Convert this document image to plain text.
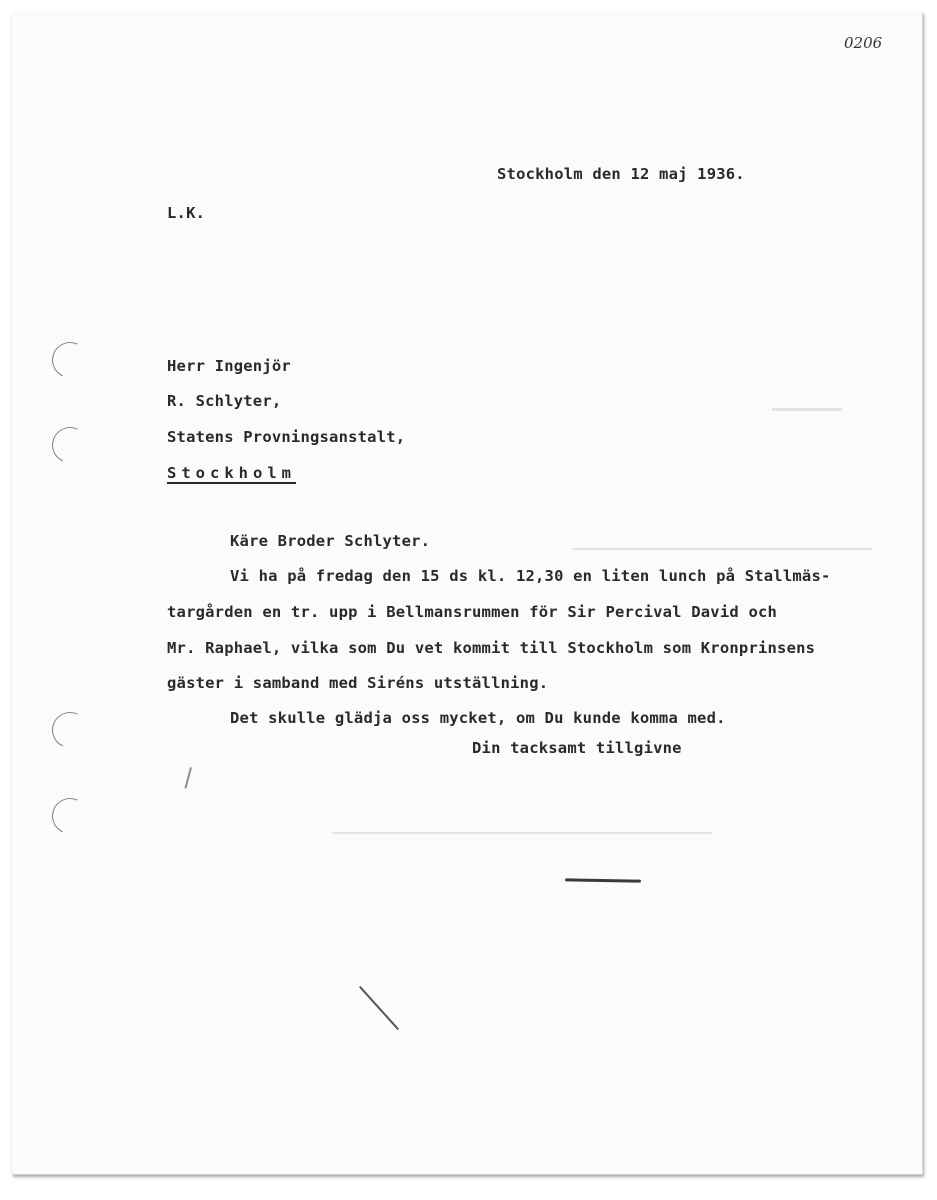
0206

Stockholm den 12 maj 1936.

L.K.

Herr Ingenjör

R. Schlyter,

Statens Provningsanstalt,

Stockholm

Käre Broder Schlyter.

Vi ha på fredag den 15 ds kl. 12,30 en liten lunch på Stallmäs-

targården en tr. upp i Bellmansrummen för Sir Percival David och

Mr. Raphael, vilka som Du vet kommit till Stockholm som Kronprinsens

gäster i samband med Siréns utställning.

Det skulle glädja oss mycket, om Du kunde komma med.

Din tacksamt tillgivne
